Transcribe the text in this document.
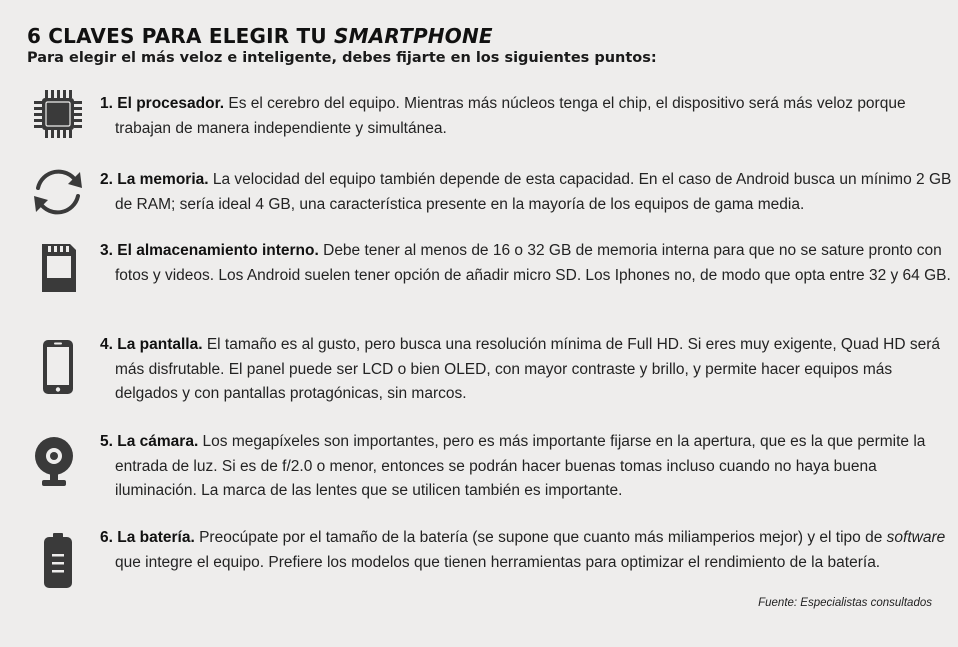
6 CLAVES PARA ELEGIR TU SMARTPHONE
Para elegir el más veloz e inteligente, debes fijarte en los siguientes puntos:
1. El procesador. Es el cerebro del equipo. Mientras más núcleos tenga el chip, el dispositivo será más veloz porque trabajan de manera independiente y simultánea.
2. La memoria. La velocidad del equipo también depende de esta capacidad. En el caso de Android busca un mínimo 2 GB de RAM; sería ideal 4 GB, una característica presente en la mayoría de los equipos de gama media.
3. El almacenamiento interno. Debe tener al menos de 16 o 32 GB de memoria interna para que no se sature pronto con fotos y videos. Los Android suelen tener opción de añadir micro SD. Los Iphones no, de modo que opta entre 32 y 64 GB.
4. La pantalla. El tamaño es al gusto, pero busca una resolución mínima de Full HD. Si eres muy exigente, Quad HD será más disfrutable. El panel puede ser LCD o bien OLED, con mayor contraste y brillo, y permite hacer equipos más delgados y con pantallas protagónicas, sin marcos.
5. La cámara. Los megapíxeles son importantes, pero es más importante fijarse en la apertura, que es la que permite la entrada de luz. Si es de f/2.0 o menor, entonces se podrán hacer buenas tomas incluso cuando no haya buena iluminación. La marca de las lentes que se utilicen también es importante.
6. La batería. Preocúpate por el tamaño de la batería (se supone que cuanto más miliamperios mejor) y el tipo de software que integre el equipo. Prefiere los modelos que tienen herramientas para optimizar el rendimiento de la batería.
Fuente: Especialistas consultados
